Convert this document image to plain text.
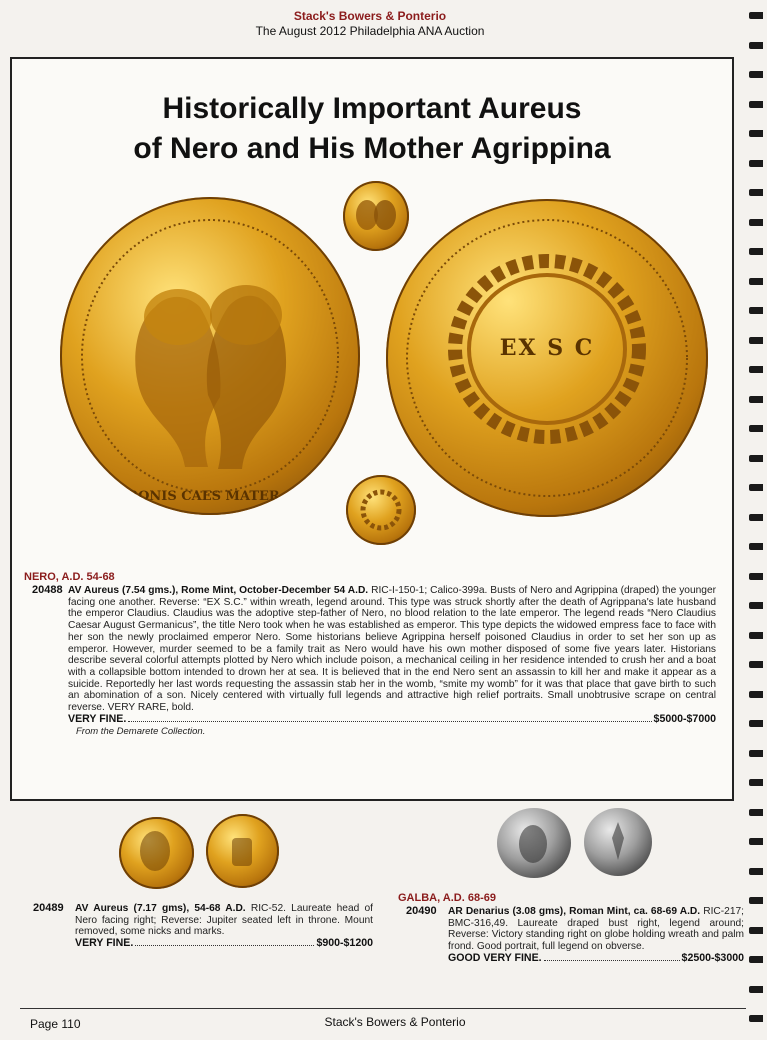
Stack's Bowers & Ponterio
The August 2012 Philadelphia ANA Auction
Historically Important Aureus
of Nero and His Mother Agrippina
NERONIS CAES MATER · AG
EX S C
NERO, A.D. 54-68
20488 AV Aureus (7.54 gms.), Rome Mint, October-December 54 A.D. RIC-I-150-1; Calico-399a. Busts of Nero and Agrippina (draped) the younger facing one another. Reverse: “EX S.C.” within wreath, legend around. This type was struck shortly after the death of Agrippana's late husband the emperor Claudius. Claudius was the adoptive step-father of Nero, no blood relation to the late emperor. The legend reads “Nero Claudius Caesar August Germanicus”, the title Nero took when he was established as emperor. This type depicts the widowed empress face to face with her son the newly proclaimed emperor Nero. Some historians believe Agrippina herself poisoned Claudius in order to set her son up as emperor. However, murder seemed to be a family trait as Nero would have his own mother disposed of some five years later. Historians describe several colorful attempts plotted by Nero which include poison, a mechanical ceiling in her residence intended to crush her and a boat with a collapsible bottom intended to drown her at sea. It is believed that in the end Nero sent an assassin to kill her and make it appear as a suicide. Reportedly her last words requesting the assassin stab her in the womb, “smite my womb” for it was that place that gave birth to such an abomination of a son. Nicely centered with virtually full legends and attractive high relief portraits. Small unobtrusive scrape on central reverse. VERY RARE, bold.
VERY FINE.	$5000-$7000
From the Demarete Collection.
20489 AV Aureus (7.17 gms), 54-68 A.D. RIC-52. Laureate head of Nero facing right; Reverse: Jupiter seated left in throne. Mount removed, some nicks and marks.
VERY FINE.	$900-$1200
GALBA, A.D. 68-69
20490 AR Denarius (3.08 gms), Roman Mint, ca. 68-69 A.D. RIC-217; BMC-316,49. Laureate draped bust right, legend around; Reverse: Victory standing right on globe holding wreath and palm frond. Good portrait, full legend on obverse.
GOOD VERY FINE.	$2500-$3000
Page 110	Stack's Bowers & Ponterio
